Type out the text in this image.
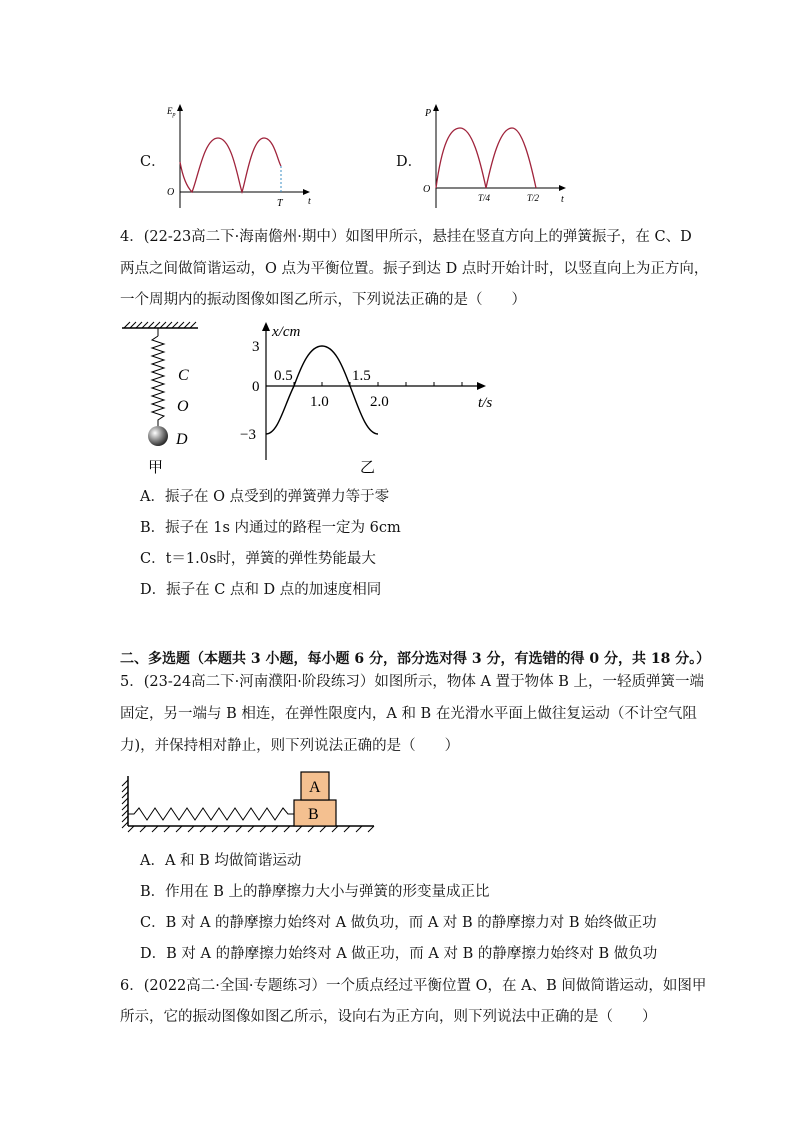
C．
$E_p$
O
T	t
D．
P
O
T/4	T/2 t
4．(22-23高二下·海南儋州·期中）如图甲所示，悬挂在竖直方向上的弹簧振子，在 C、D
两点之间做简谐运动，O 点为平衡位置。振子到达 D 点时开始计时，以竖直向上为正方向，
一个周期内的振动图像如图乙所示，下列说法正确的是（　　）
C
O
D
甲
x/cm
3
0
−3
0.5
1.0
1.5
2.0	t/s
乙
A．振子在 O 点受到的弹簧弹力等于零
B．振子在 1s 内通过的路程一定为 6cm
C．t＝1.0s时，弹簧的弹性势能最大
D．振子在 C 点和 D 点的加速度相同
二、多选题（本题共 3 小题，每小题 6 分，部分选对得 3 分，有选错的得 0 分，共 18 分。）
5．(23-24高二下·河南濮阳·阶段练习）如图所示，物体 A 置于物体 B 上，一轻质弹簧一端
固定，另一端与 B 相连，在弹性限度内，A 和 B 在光滑水平面上做往复运动（不计空气阻
力)，并保持相对静止，则下列说法正确的是（　　）
A
B
A．A 和 B 均做简谐运动
B．作用在 B 上的静摩擦力大小与弹簧的形变量成正比
C．B 对 A 的静摩擦力始终对 A 做负功，而 A 对 B 的静摩擦力对 B 始终做正功
D．B 对 A 的静摩擦力始终对 A 做正功，而 A 对 B 的静摩擦力始终对 B 做负功
6．(2022高二·全国·专题练习）一个质点经过平衡位置 O，在 A、B 间做简谐运动，如图甲
所示，它的振动图像如图乙所示，设向右为正方向，则下列说法中正确的是（　　）
